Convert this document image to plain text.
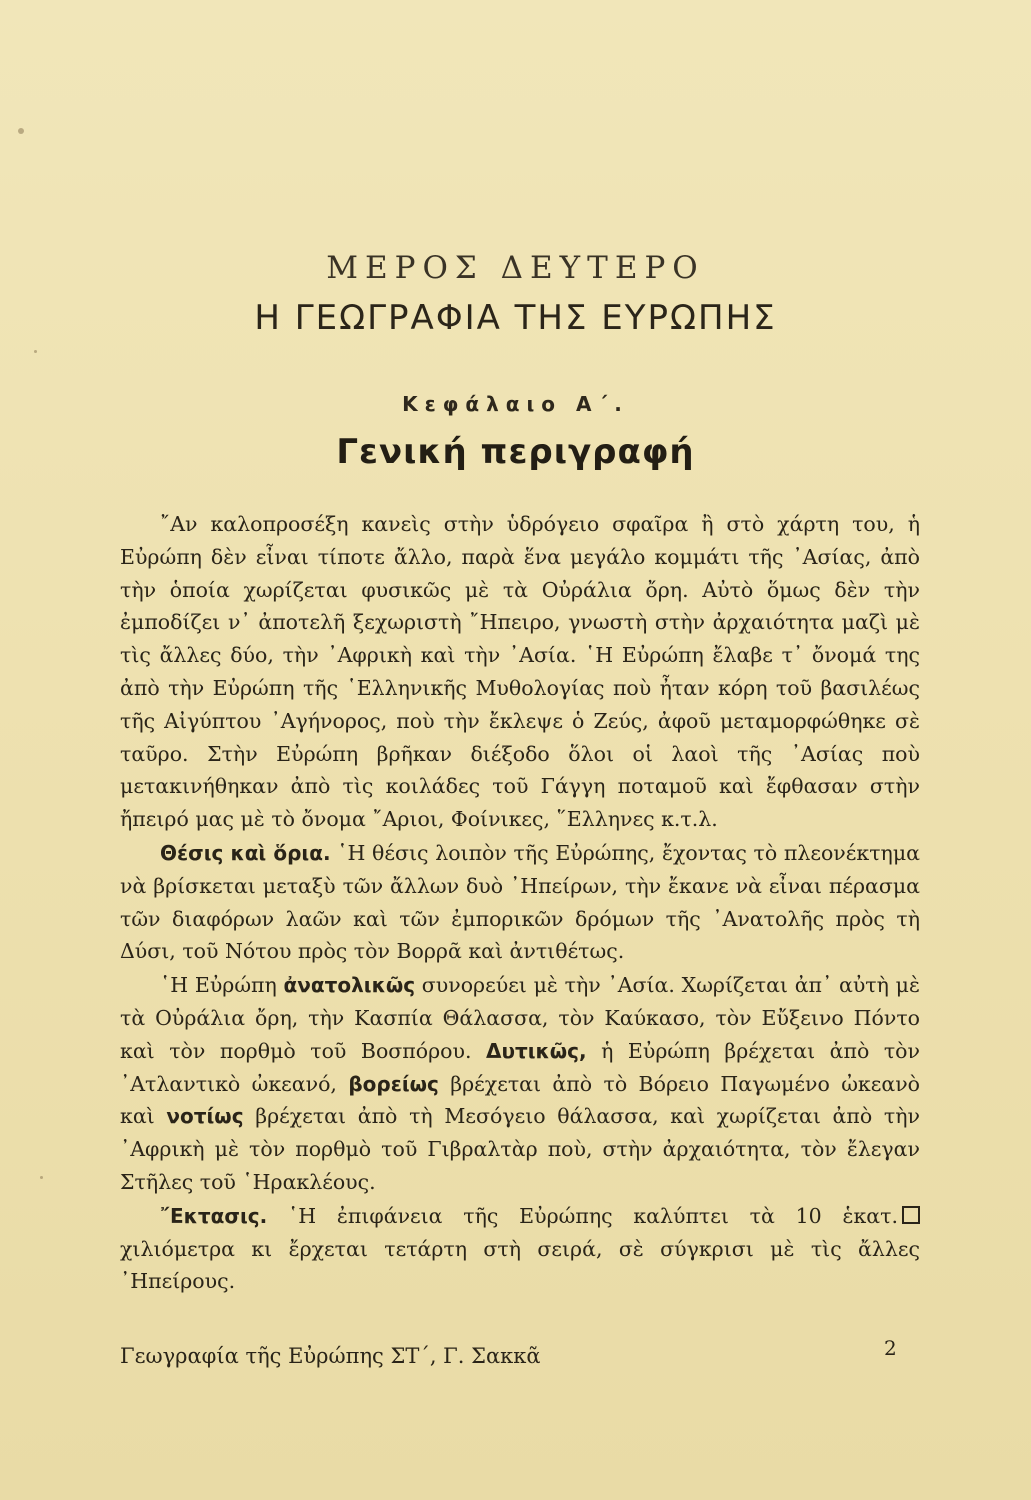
ΜΕΡΟΣ ΔΕΥΤΕΡΟ
Η ΓΕΩΓΡΑΦΙΑ ΤΗΣ ΕΥΡΩΠΗΣ
Κεφάλαιο Α΄.
Γενική περιγραφή

῎Αν καλοπροσέξη κανεὶς στὴν ὑδρόγειο σφαῖρα ἢ στὸ χάρτη του, ἡ Εὐρώπη δὲν εἶναι τίποτε ἄλλο, παρὰ ἕνα μεγάλο κομμάτι τῆς ᾿Ασίας, ἀπὸ τὴν ὁποία χωρίζεται φυσικῶς μὲ τὰ Οὐράλια ὄρη. Αὐτὸ ὅμως δὲν τὴν ἐμποδίζει ν᾿ ἀποτελῆ ξεχωριστὴ ῎Ηπειρο, γνωστὴ στὴν ἀρχαιότητα μαζὶ μὲ τὶς ἄλλες δύο, τὴν ᾿Αφρικὴ καὶ τὴν ᾿Ασία. ῾Η Εὐρώπη ἔλαβε τ᾿ ὄνομά της ἀπὸ τὴν Εὐρώπη τῆς ῾Ελληνικῆς Μυθολογίας ποὺ ἦταν κόρη τοῦ βασιλέως τῆς Αἰγύπτου ᾿Αγήνορος, ποὺ τὴν ἔκλεψε ὁ Ζεύς, ἀφοῦ μεταμορφώθηκε σὲ ταῦρο. Στὴν Εὐρώπη βρῆκαν διέξοδο ὅλοι οἱ λαοὶ τῆς ᾿Ασίας ποὺ μετακινήθηκαν ἀπὸ τὶς κοιλάδες τοῦ Γάγγη ποταμοῦ καὶ ἔφθασαν στὴν ἤπειρό μας μὲ τὸ ὄνομα ῎Αριοι, Φοίνικες, ῞Ελληνες κ.τ.λ.

Θέσις καὶ ὅρια. ῾Η θέσις λοιπὸν τῆς Εὐρώπης, ἔχοντας τὸ πλεονέκτημα νὰ βρίσκεται μεταξὺ τῶν ἄλλων δυὸ ᾿Ηπείρων, τὴν ἔκανε νὰ εἶναι πέρασμα τῶν διαφόρων λαῶν καὶ τῶν ἐμπορικῶν δρόμων τῆς ᾿Ανατολῆς πρὸς τὴ Δύσι, τοῦ Νότου πρὸς τὸν Βορρᾶ καὶ ἀντιθέτως.

῾Η Εὐρώπη ἀνατολικῶς συνορεύει μὲ τὴν ᾿Ασία. Χωρίζεται ἀπ᾿ αὐτὴ μὲ τὰ Οὐράλια ὄρη, τὴν Κασπία Θάλασσα, τὸν Καύκασο, τὸν Εὔξεινο Πόντο καὶ τὸν πορθμὸ τοῦ Βοσπόρου. Δυτικῶς, ἡ Εὐρώπη βρέχεται ἀπὸ τὸν ᾿Ατλαντικὸ ὠκεανό, βορείως βρέχεται ἀπὸ τὸ Βόρειο Παγωμένο ὠκεανὸ καὶ νοτίως βρέχεται ἀπὸ τὴ Μεσόγειο θάλασσα, καὶ χωρίζεται ἀπὸ τὴν ᾿Αφρικὴ μὲ τὸν πορθμὸ τοῦ Γιβραλτὰρ ποὺ, στὴν ἀρχαιότητα, τὸν ἔλεγαν Στῆλες τοῦ ῾Ηρακλέους.

῎Εκτασις. ῾Η ἐπιφάνεια τῆς Εὐρώπης καλύπτει τὰ 10 ἑκατ. χιλιόμετρα κι ἔρχεται τετάρτη στὴ σειρά, σὲ σύγκρισι μὲ τὶς ἄλλες ᾿Ηπείρους.

Γεωγραφία τῆς Εὐρώπης ΣΤ΄, Γ. Σακκᾶ	2
